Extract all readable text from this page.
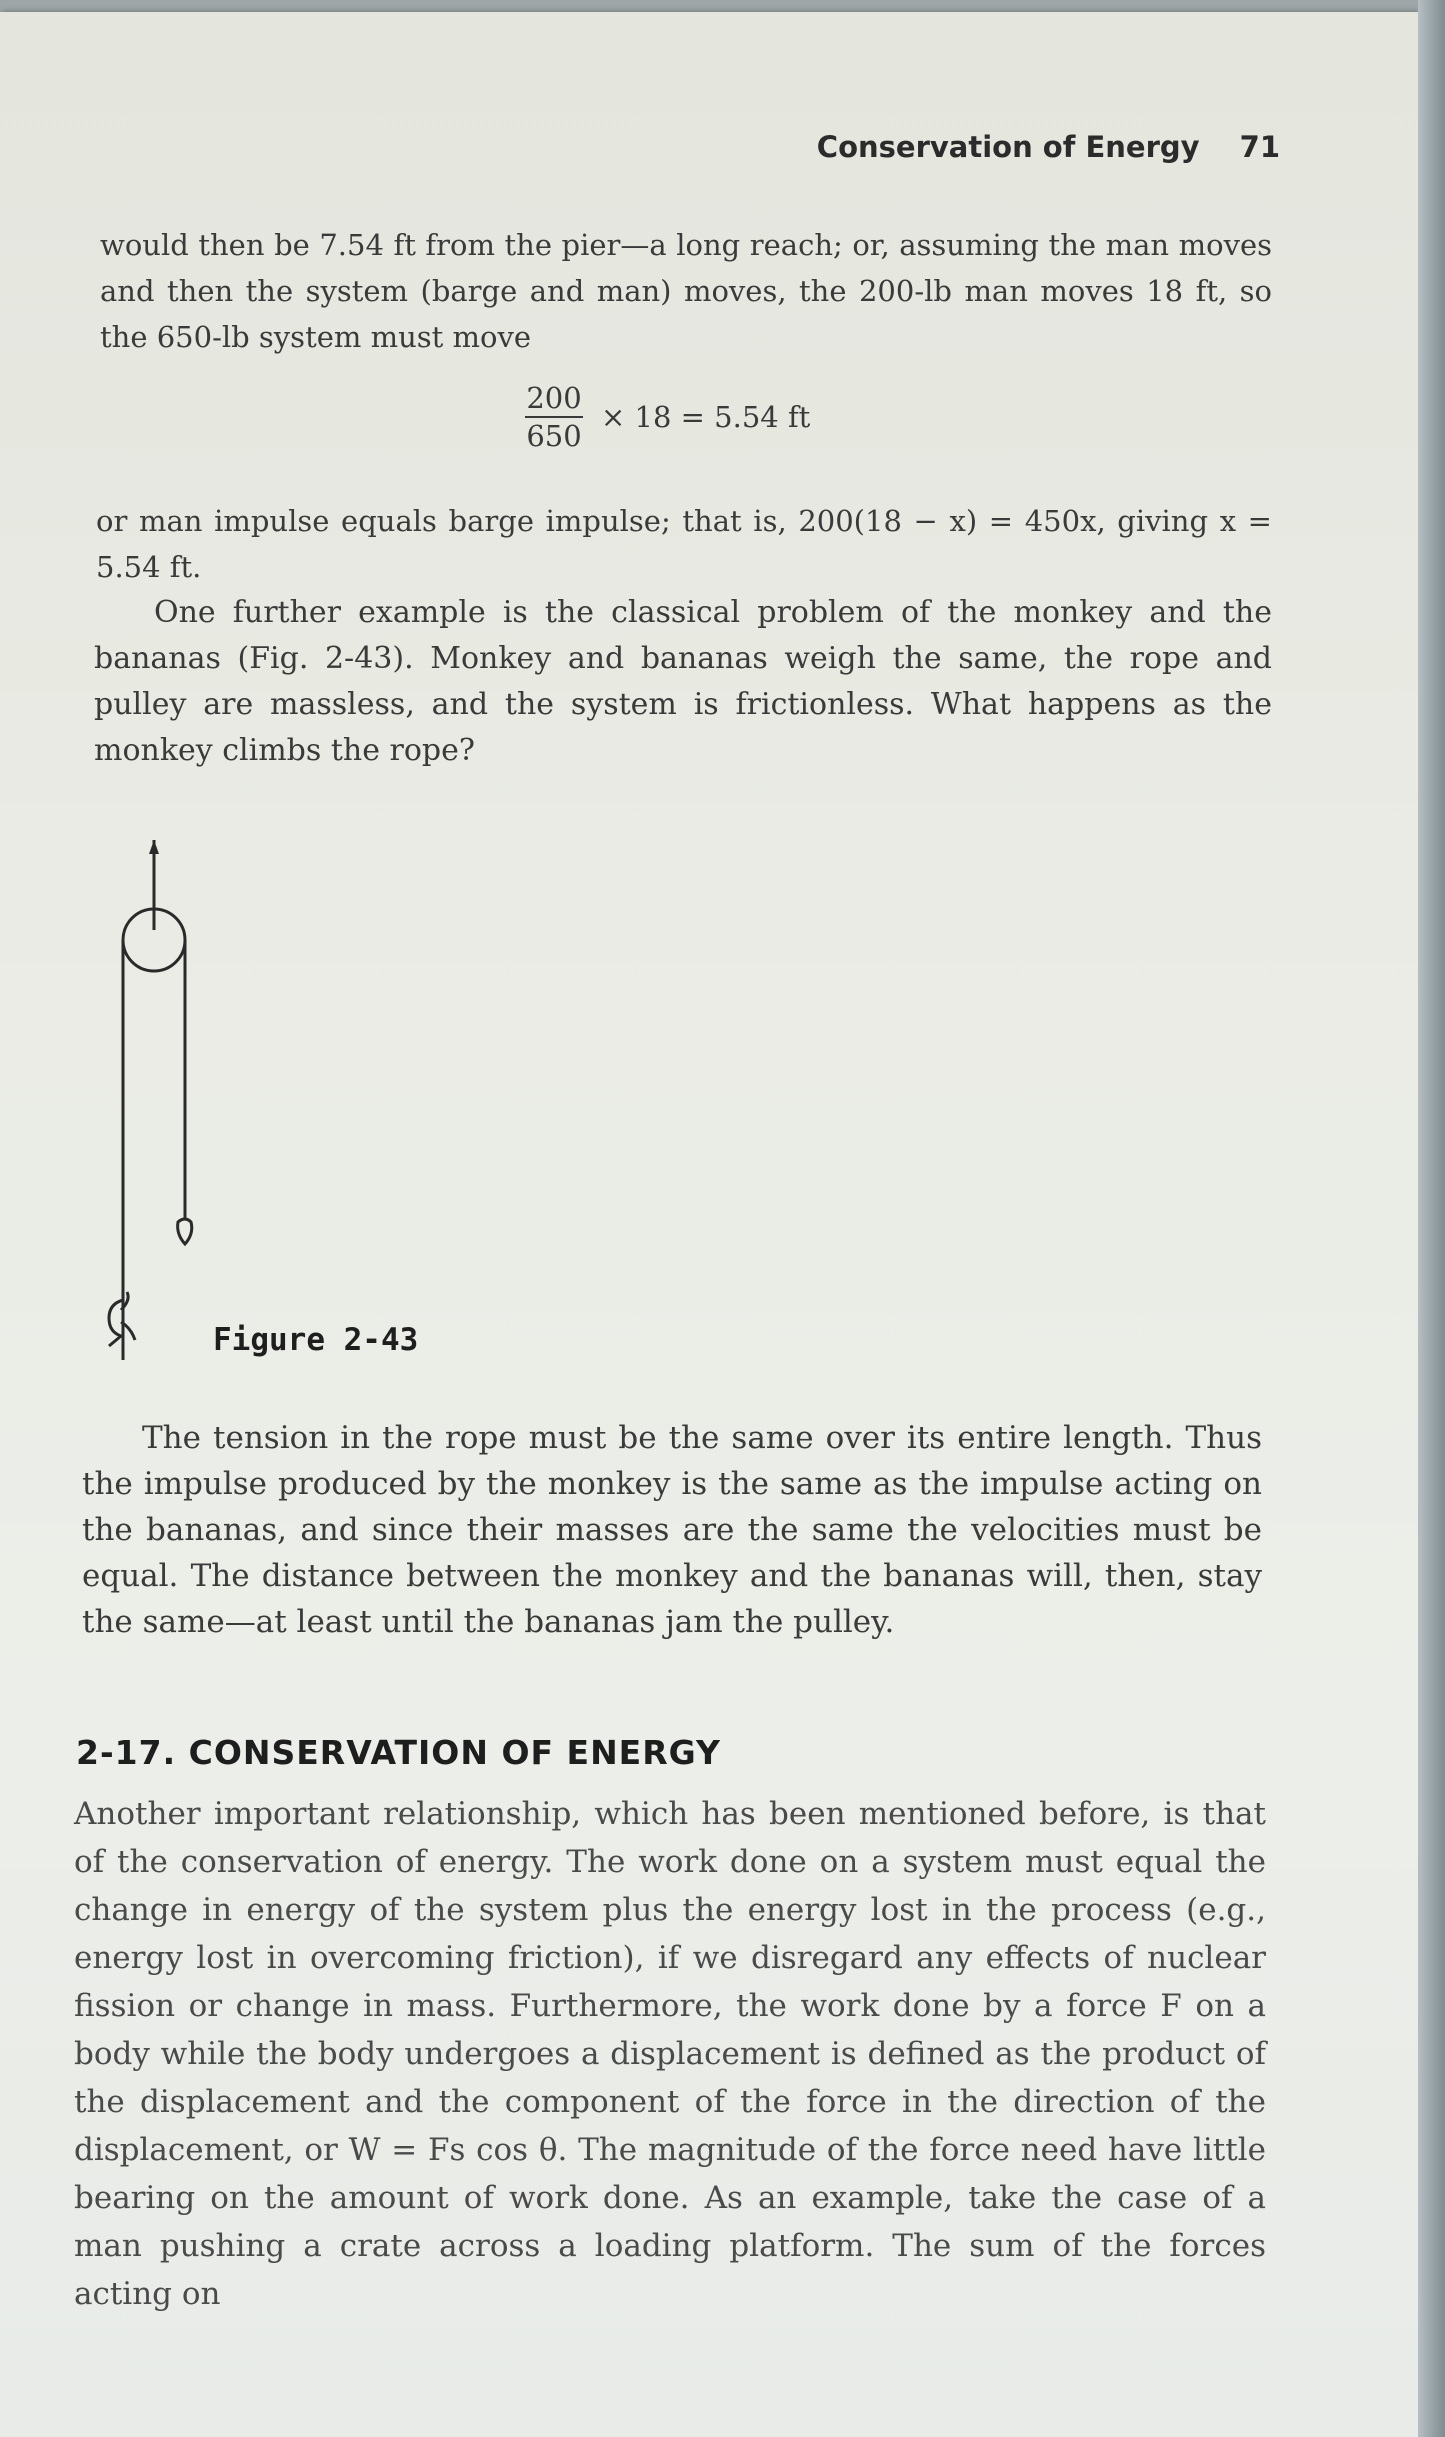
Conservation of Energy 71

would then be 7.54 ft from the pier—a long reach; or, assuming the man moves and then the system (barge and man) moves, the 200-lb man moves 18 ft, so the 650-lb system must move

$\frac{200}{650} \times 18 = 5.54$ ft

or man impulse equals barge impulse; that is, 200(18 − x) = 450x, giving x = 5.54 ft.

One further example is the classical problem of the monkey and the bananas (Fig. 2-43). Monkey and bananas weigh the same, the rope and pulley are massless, and the system is frictionless. What happens as the monkey climbs the rope?

Figure 2-43

The tension in the rope must be the same over its entire length. Thus the impulse produced by the monkey is the same as the impulse acting on the bananas, and since their masses are the same the velocities must be equal. The distance between the monkey and the bananas will, then, stay the same—at least until the bananas jam the pulley.

2-17. CONSERVATION OF ENERGY

Another important relationship, which has been mentioned before, is that of the conservation of energy. The work done on a system must equal the change in energy of the system plus the energy lost in the process (e.g., energy lost in overcoming friction), if we disregard any effects of nuclear fission or change in mass. Furthermore, the work done by a force F on a body while the body undergoes a displacement is defined as the product of the displacement and the component of the force in the direction of the displacement, or W = Fs cos θ. The magnitude of the force need have little bearing on the amount of work done. As an example, take the case of a man pushing a crate across a loading platform. The sum of the forces acting on
